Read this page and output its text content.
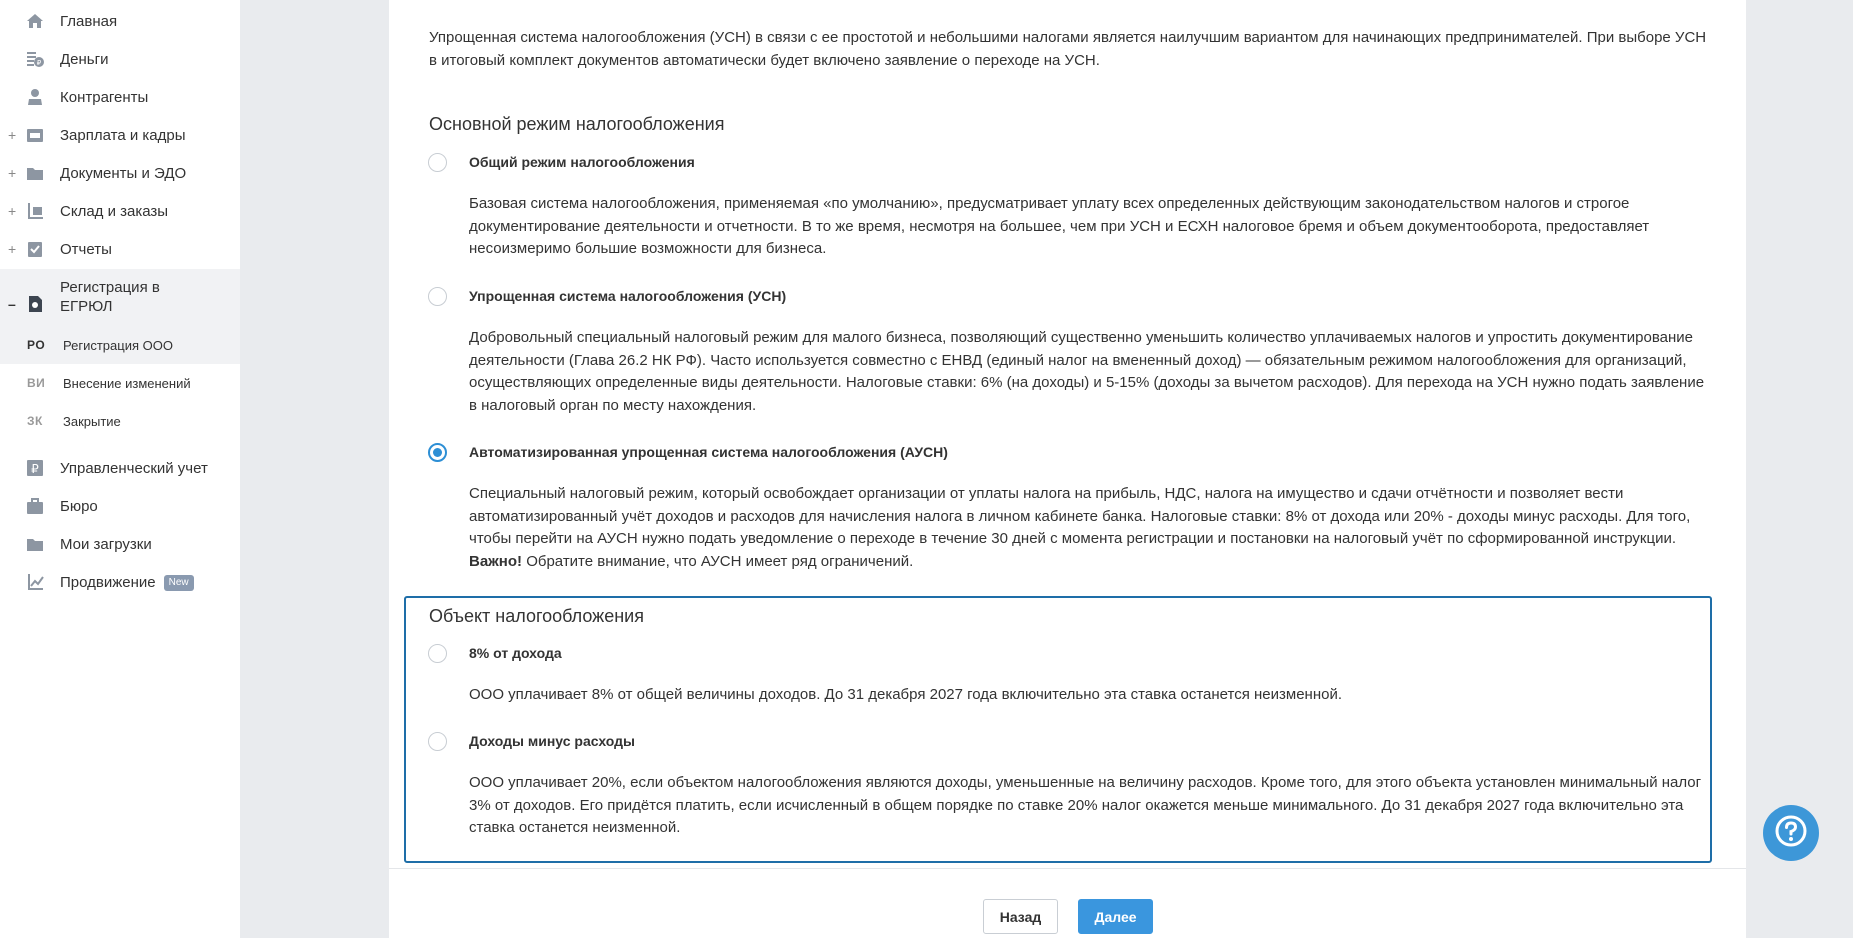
Главная
₽ Деньги
Контрагенты
+	Зарплата и кадры
+	Документы и ЭДО
+	Склад и заказы
+	Отчеты
–
Регистрация в
ЕГРЮЛ
РО Регистрация ООО
ВИ Внесение изменений
ЗК Закрытие
₽ Управленческий учет
Бюро
Мои загрузки
Продвижение New
Упрощенная система налогообложения (УСН) в связи с ее простотой и небольшими налогами является наилучшим вариантом для начинающих предпринимателей. При выборе УСН в итоговый комплект документов автоматически будет включено заявление о переходе на УСН.
Основной режим налогообложения
Общий режим налогообложения
Базовая система налогообложения, применяемая «по умолчанию», предусматривает уплату всех определенных действующим законодательством налогов и строгое документирование деятельности и отчетности. В то же время, несмотря на большее, чем при УСН и ЕСХН налоговое бремя и объем документооборота, предоставляет несоизмеримо большие возможности для бизнеса.
Упрощенная система налогообложения (УСН)
Добровольный специальный налоговый режим для малого бизнеса, позволяющий существенно уменьшить количество уплачиваемых налогов и упростить документирование деятельности (Глава 26.2 НК РФ). Часто используется совместно с ЕНВД (единый налог на вмененный доход) — обязательным режимом налогообложения для организаций, осуществляющих определенные виды деятельности. Налоговые ставки: 6% (на доходы) и 5-15% (доходы за вычетом расходов). Для перехода на УСН нужно подать заявление в налоговый орган по месту нахождения.
Автоматизированная упрощенная система налогообложения (АУСН)
Специальный налоговый режим, который освобождает организации от уплаты налога на прибыль, НДС, налога на имущество и сдачи отчётности и позволяет вести автоматизированный учёт доходов и расходов для начисления налога в личном кабинете банка. Налоговые ставки: 8% от дохода или 20% - доходы минус расходы. Для того, чтобы перейти на АУСН нужно подать уведомление о переходе в течение 30 дней с момента регистрации и постановки на налоговый учёт по сформированной инструкции. Важно! Обратите внимание, что АУСН имеет ряд ограничений.
Объект налогообложения
8% от дохода
ООО уплачивает 8% от общей величины доходов. До 31 декабря 2027 года включительно эта ставка останется неизменной.
Доходы минус расходы
ООО уплачивает 20%, если объектом налогообложения являются доходы, уменьшенные на величину расходов. Кроме того, для этого объекта установлен минимальный налог 3% от доходов. Его придётся платить, если исчисленный в общем порядке по ставке 20% налог окажется меньше минимального. До 31 декабря 2027 года включительно эта ставка останется неизменной.
Назад	Далее
